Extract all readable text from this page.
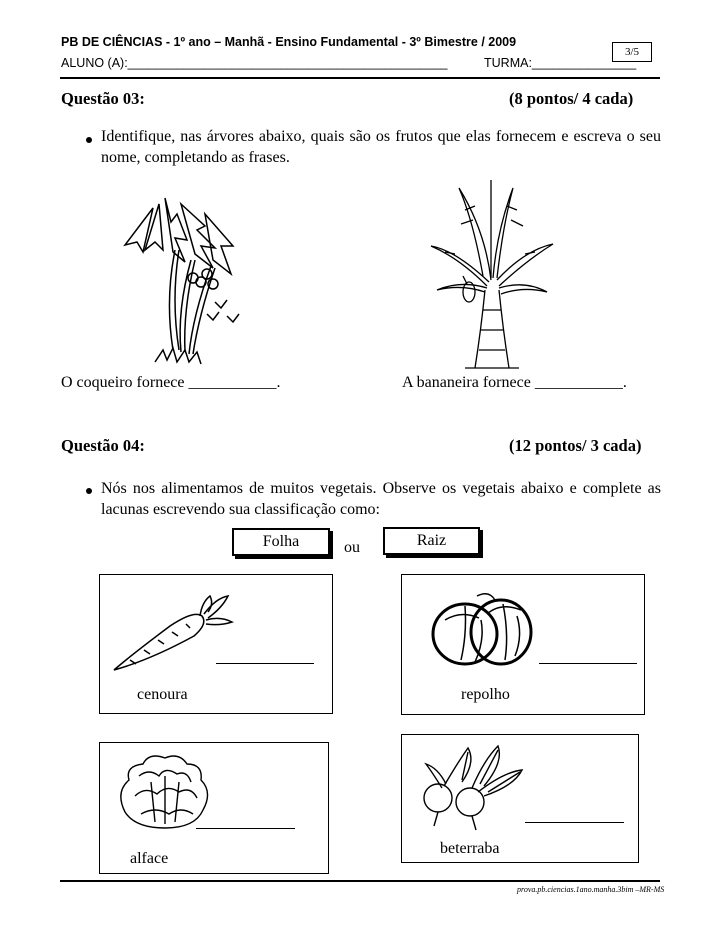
PB DE CIÊNCIAS - 1º ano – Manhã - Ensino Fundamental - 3º Bimestre / 2009
3/5
ALUNO (A):______________________________________________	TURMA:_______________
Questão 03:	(8 pontos/ 4 cada)
Identifique, nas árvores abaixo, quais são os frutos que elas fornecem e escreva o seu nome, completando as frases.
O coqueiro fornece ___________.	A bananeira fornece ___________.
Questão 04:	(12 pontos/ 3 cada)
Nós nos alimentamos de muitos vegetais. Observe os vegetais abaixo e complete as lacunas escrevendo sua classificação como:
Folha	ou	Raiz
cenoura	repolho
alface
beterraba
prova.pb.ciencias.1ano.manha.3bim –MR-MS
